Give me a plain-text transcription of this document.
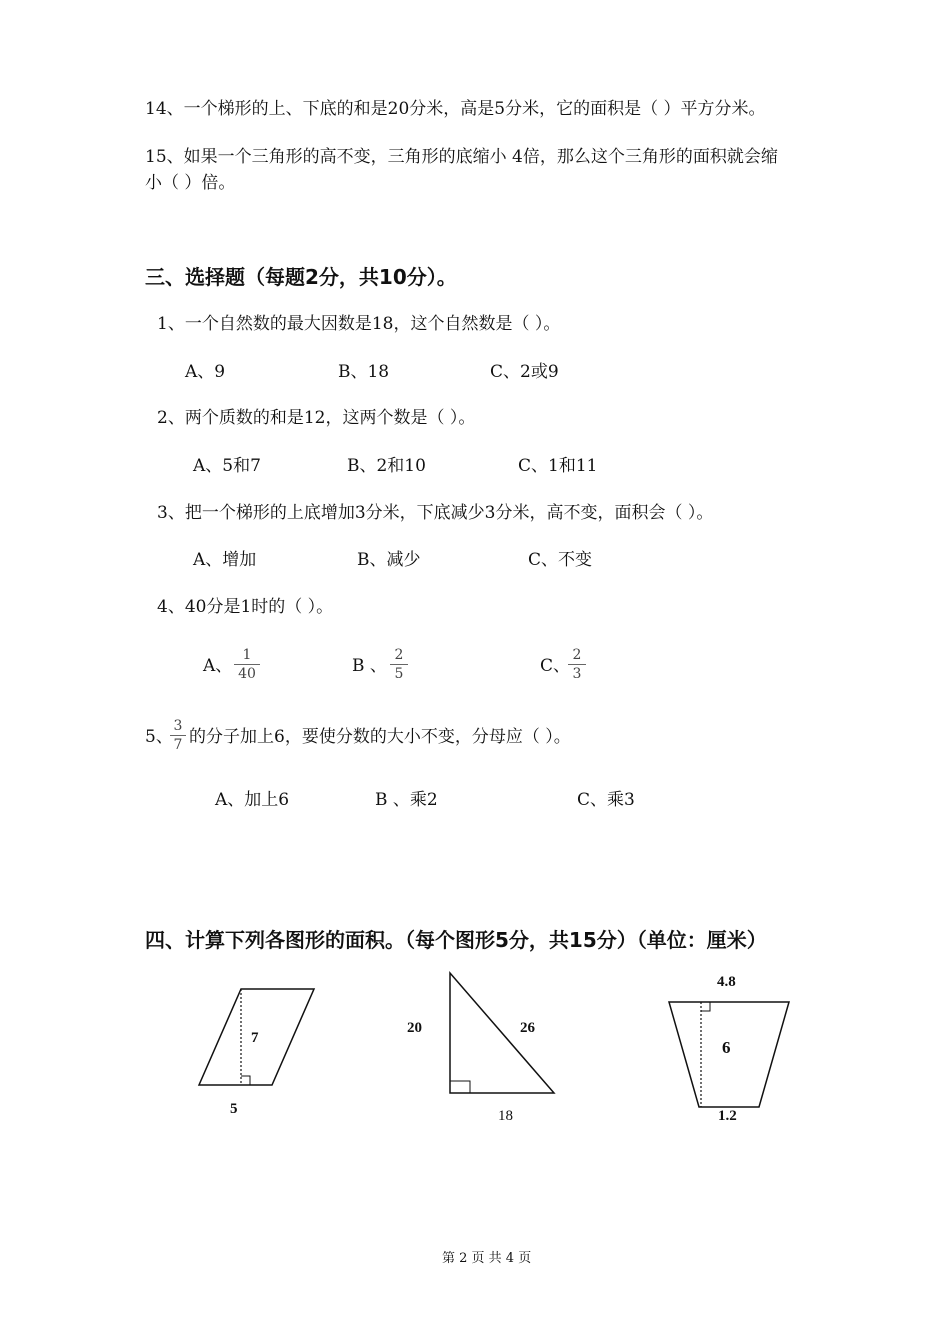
14、一个梯形的上、下底的和是20分米，高是5分米，它的面积是（ ）平方分米。
15、如果一个三角形的高不变，三角形的底缩小 4倍，那么这个三角形的面积就会缩
小（ ）倍。
三、选择题（每题2分，共10分）。
1、一个自然数的最大因数是18，这个自然数是（ ）。
A、9	B、18	C、2或9
2、两个质数的和是12，这两个数是（ ）。
A、5和7	B、2和10	C、1和11
3、把一个梯形的上底增加3分米，下底减少3分米，高不变，面积会（ ）。
A、增加	B、减少	C、不变
4、40分是1时的（ ）。
A、 $\frac{1}{40}$	B 、 $\frac{2}{5}$	C、
$\frac{2}{3}$
5、
$\frac{3}{7}$ 的分子加上6，要使分数的大小不变，分母应（ ）。
A、加上6	B 、乘2	C、乘3
四、计算下列各图形的面积。（每个图形5分，共15分）（单位：厘米）
7
5
20	26
18
4.8
6
1.2
第 2 页 共 4 页
